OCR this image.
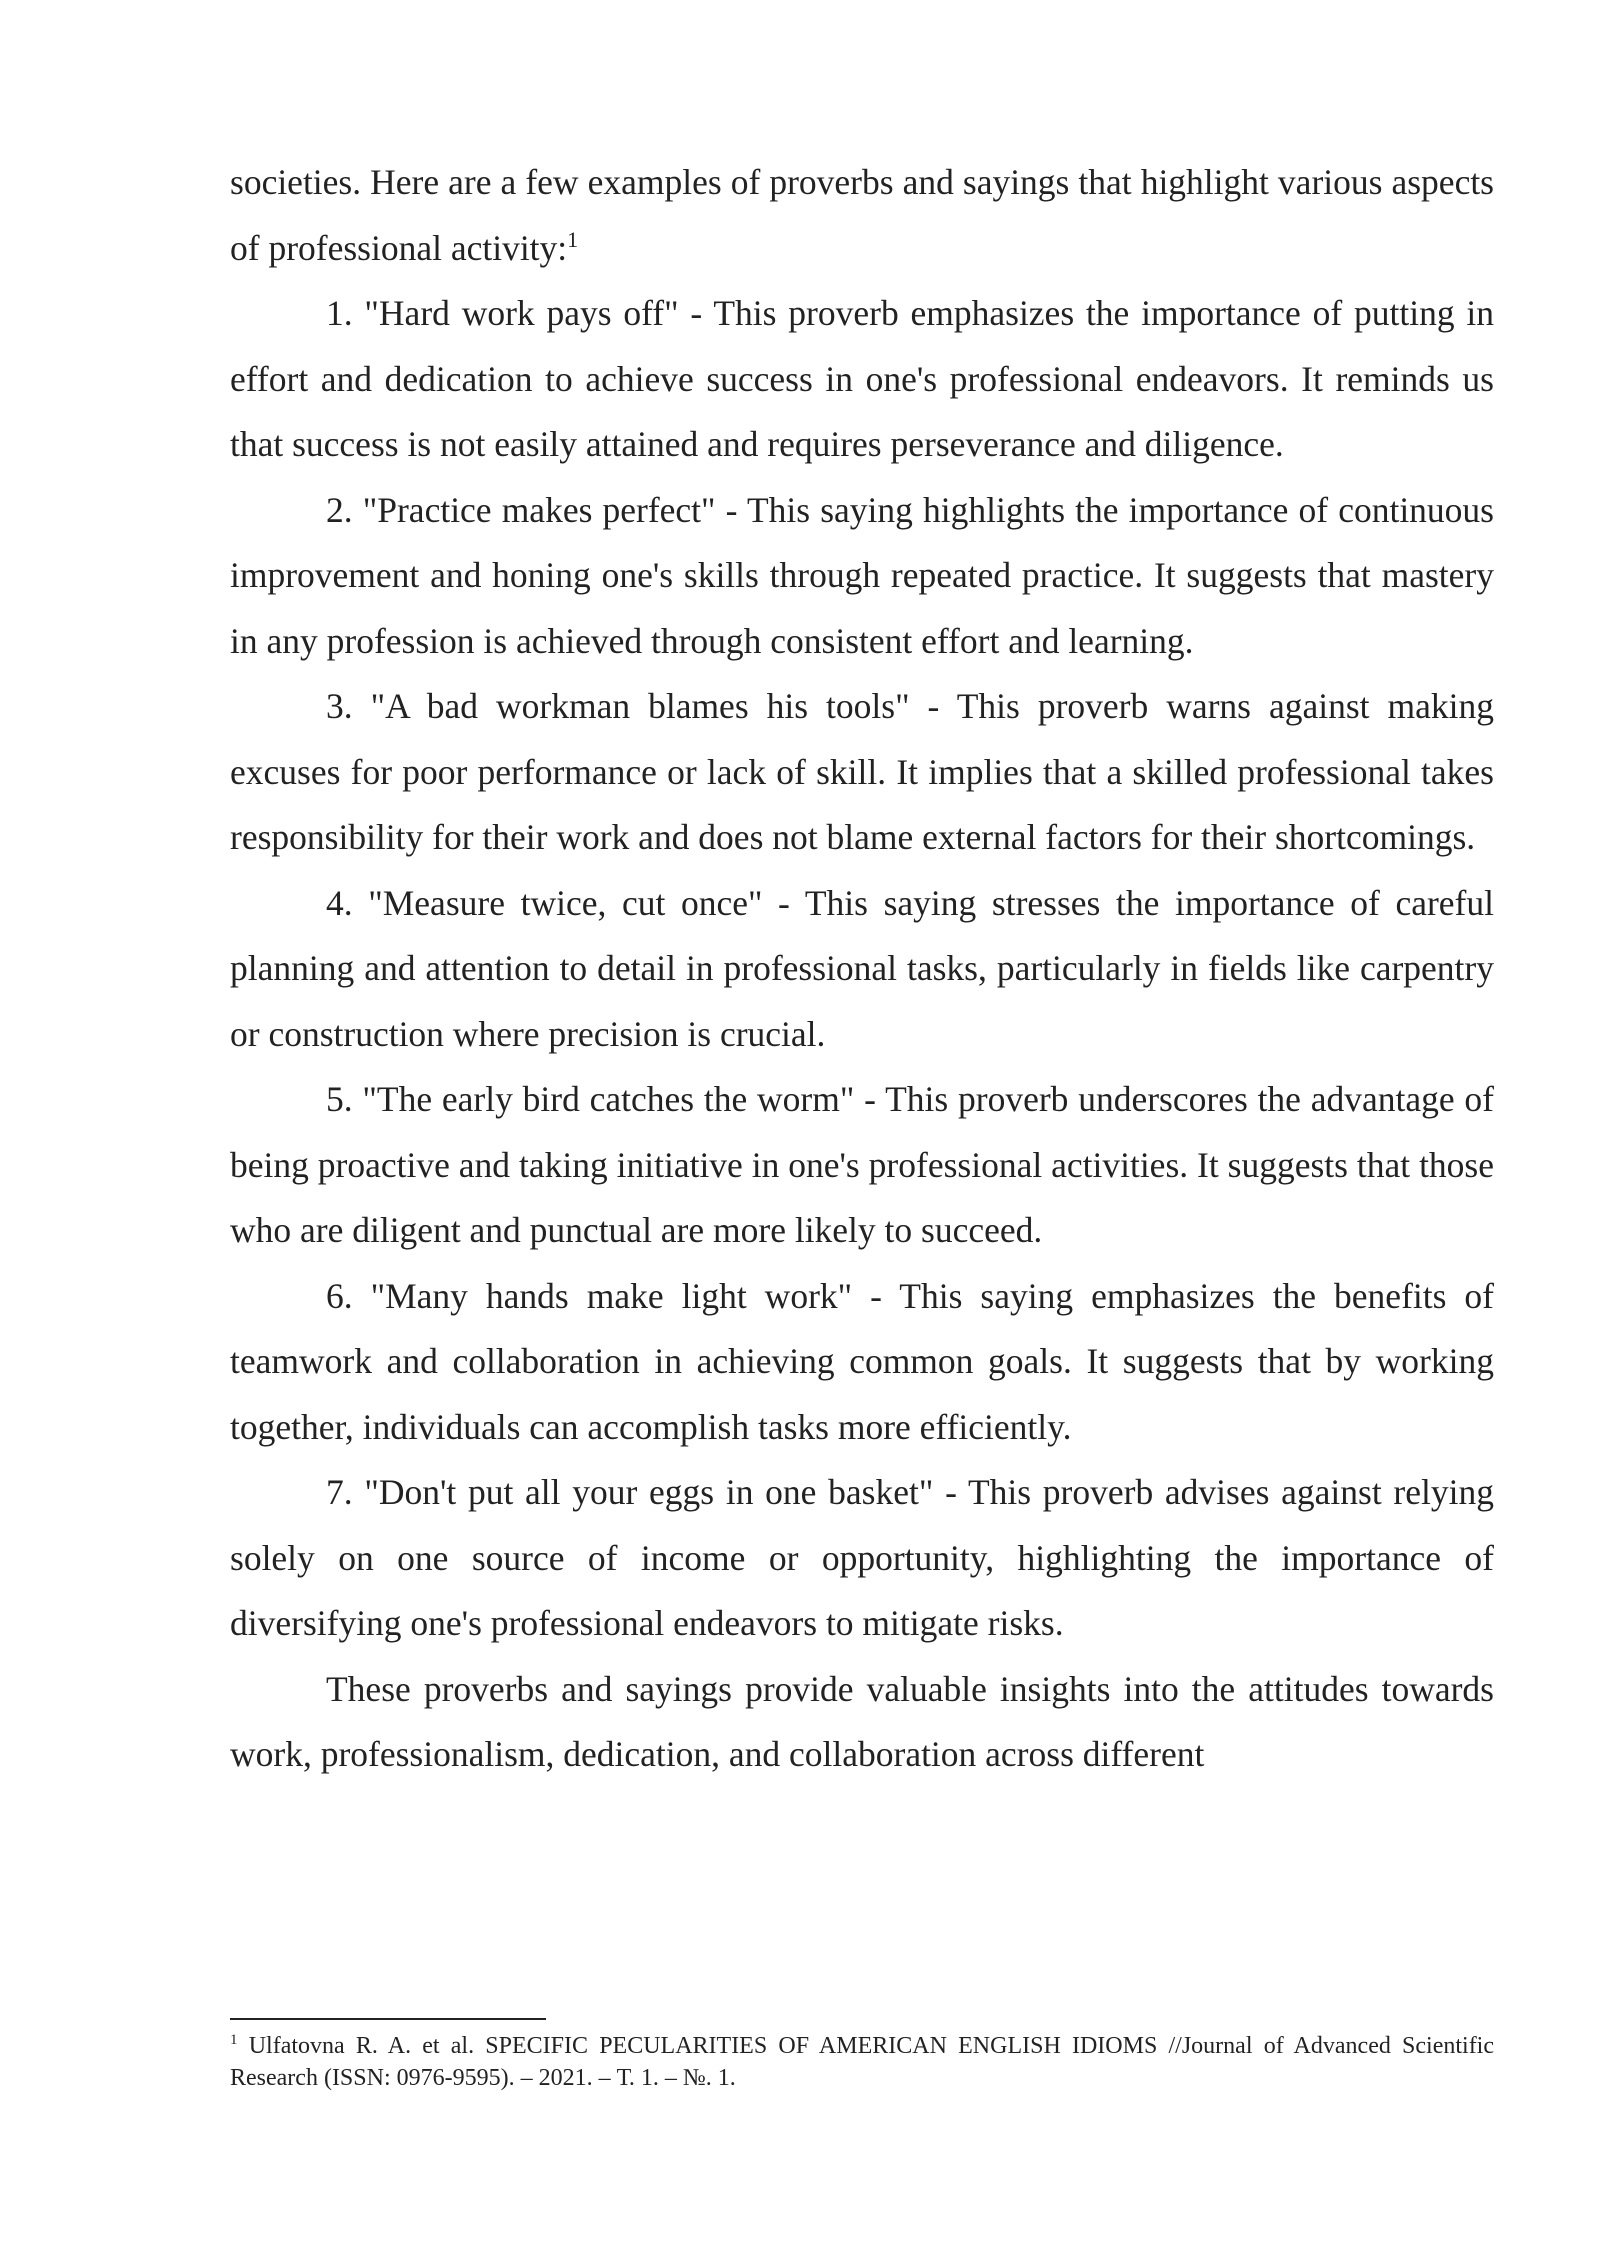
societies. Here are a few examples of proverbs and sayings that highlight various aspects of professional activity:$^1$

1. "Hard work pays off" - This proverb emphasizes the importance of putting in effort and dedication to achieve success in one's professional endeavors. It reminds us that success is not easily attained and requires perseverance and diligence.

2. "Practice makes perfect" - This saying highlights the importance of continuous improvement and honing one's skills through repeated practice. It suggests that mastery in any profession is achieved through consistent effort and learning.

3. "A bad workman blames his tools" - This proverb warns against making excuses for poor performance or lack of skill. It implies that a skilled professional takes responsibility for their work and does not blame external factors for their shortcomings.

4. "Measure twice, cut once" - This saying stresses the importance of careful planning and attention to detail in professional tasks, particularly in fields like carpentry or construction where precision is crucial.

5. "The early bird catches the worm" - This proverb underscores the advantage of being proactive and taking initiative in one's professional activities. It suggests that those who are diligent and punctual are more likely to succeed.

6. "Many hands make light work" - This saying emphasizes the benefits of teamwork and collaboration in achieving common goals. It suggests that by working together, individuals can accomplish tasks more efficiently.

7. "Don't put all your eggs in one basket" - This proverb advises against relying solely on one source of income or opportunity, highlighting the importance of diversifying one's professional endeavors to mitigate risks.

These proverbs and sayings provide valuable insights into the attitudes towards work, professionalism, dedication, and collaboration across different

$^1$ Ulfatovna R. A. et al. SPECIFIC PECULARITIES OF AMERICAN ENGLISH IDIOMS //Journal of Advanced Scientific Research (ISSN: 0976-9595). – 2021. – Т. 1. – №. 1.
